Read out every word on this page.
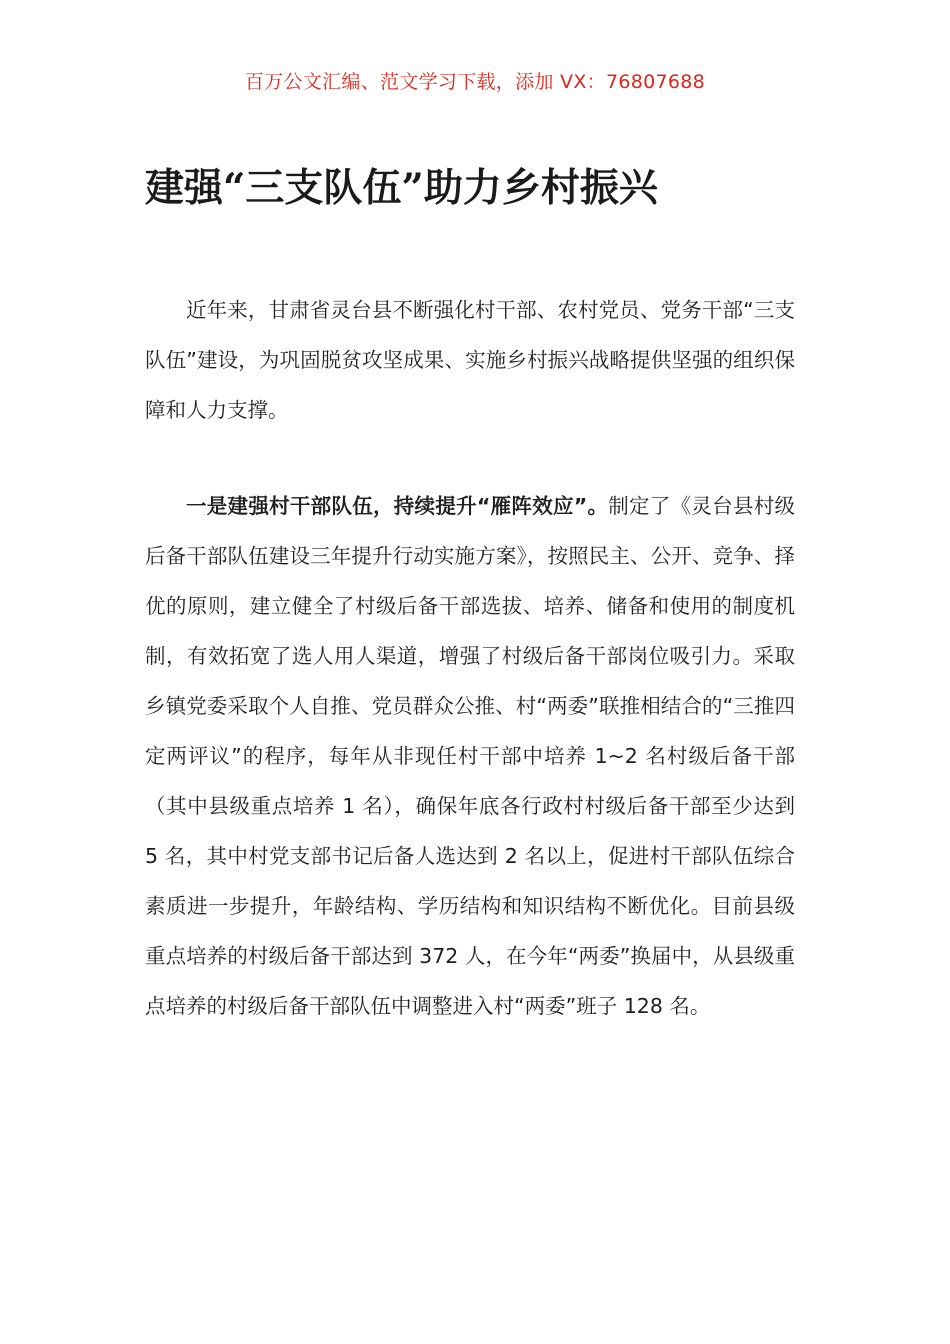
百万公文汇编、范文学习下载，添加 VX：76807688
建强“三支队伍”助力乡村振兴

近年来，甘肃省灵台县不断强化村干部、农村党员、党务干部“三支队伍”建设，为巩固脱贫攻坚成果、实施乡村振兴战略提供坚强的组织保障和人力支撑。

一是建强村干部队伍，持续提升“雁阵效应”。制定了《灵台县村级后备干部队伍建设三年提升行动实施方案》，按照民主、公开、竞争、择优的原则，建立健全了村级后备干部选拔、培养、储备和使用的制度机制，有效拓宽了选人用人渠道，增强了村级后备干部岗位吸引力。采取乡镇党委采取个人自推、党员群众公推、村“两委”联推相结合的“三推四定两评议”的程序，每年从非现任村干部中培养 1~2 名村级后备干部（其中县级重点培养 1 名），确保年底各行政村村级后备干部至少达到 5 名，其中村党支部书记后备人选达到 2 名以上，促进村干部队伍综合素质进一步提升，年龄结构、学历结构和知识结构不断优化。目前县级重点培养的村级后备干部达到 372 人，在今年“两委”换届中，从县级重点培养的村级后备干部队伍中调整进入村“两委”班子 128 名。
